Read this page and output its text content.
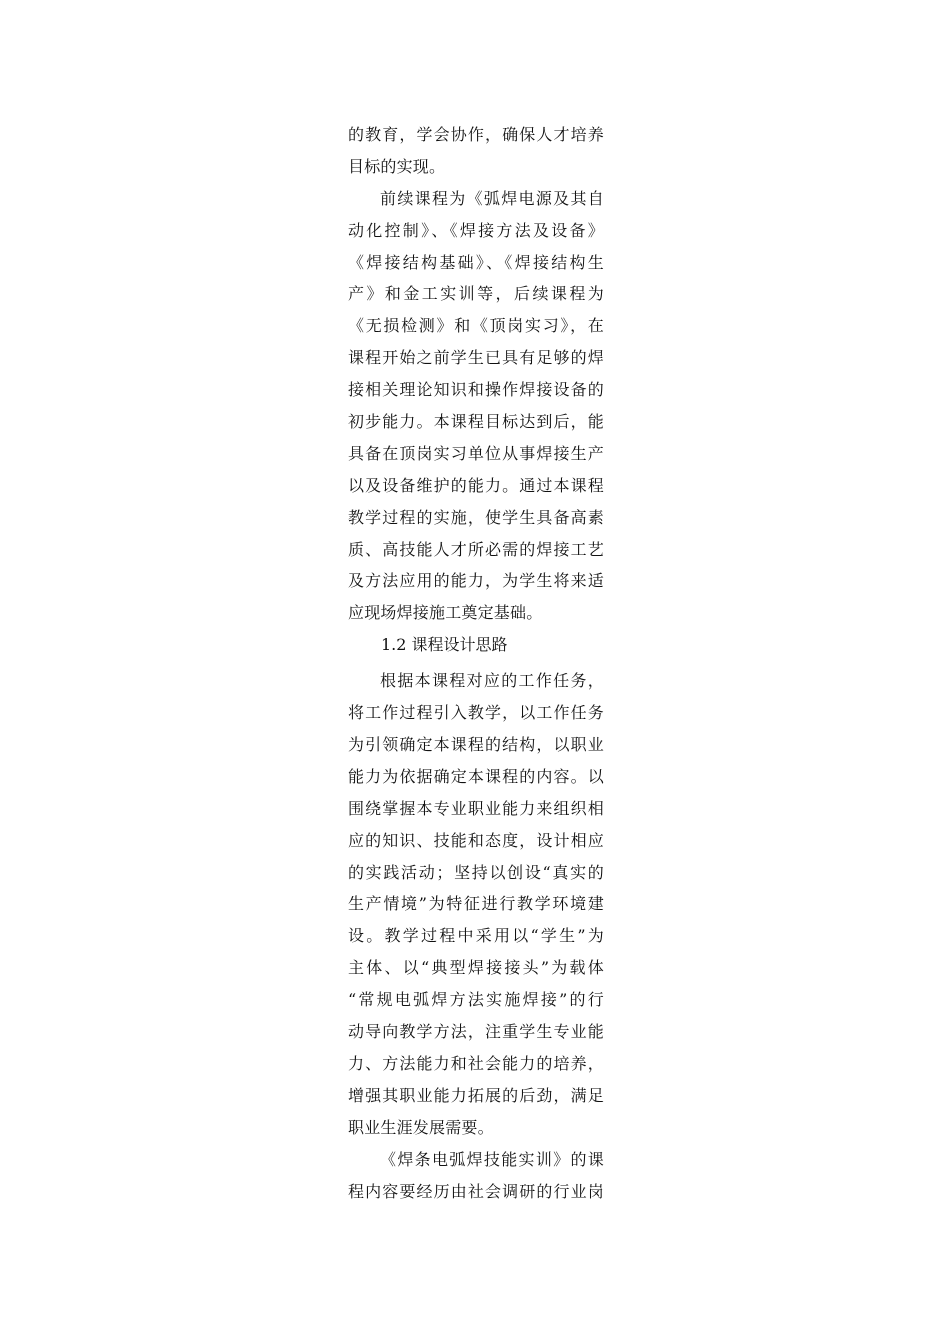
的教育，学会协作，确保人才培养
目标的实现。
前续课程为《弧焊电源及其自
动化控制》、《焊接方法及设备》
《焊接结构基础》、《焊接结构生
产》和金工实训等，后续课程为
《无损检测》和《顶岗实习》，在
课程开始之前学生已具有足够的焊
接相关理论知识和操作焊接设备的
初步能力。本课程目标达到后，能
具备在顶岗实习单位从事焊接生产
以及设备维护的能力。通过本课程
教学过程的实施，使学生具备高素
质、高技能人才所必需的焊接工艺
及方法应用的能力，为学生将来适
应现场焊接施工奠定基础。
1.2 课程设计思路
根据本课程对应的工作任务，
将工作过程引入教学，以工作任务
为引领确定本课程的结构，以职业
能力为依据确定本课程的内容。以
围绕掌握本专业职业能力来组织相
应的知识、技能和态度，设计相应
的实践活动；坚持以创设“真实的
生产情境”为特征进行教学环境建
设。教学过程中采用以“学生”为
主体、以“典型焊接接头”为载体
“常规电弧焊方法实施焊接”的行
动导向教学方法，注重学生专业能
力、方法能力和社会能力的培养，
增强其职业能力拓展的后劲，满足
职业生涯发展需要。
《焊条电弧焊技能实训》的课
程内容要经历由社会调研的行业岗
